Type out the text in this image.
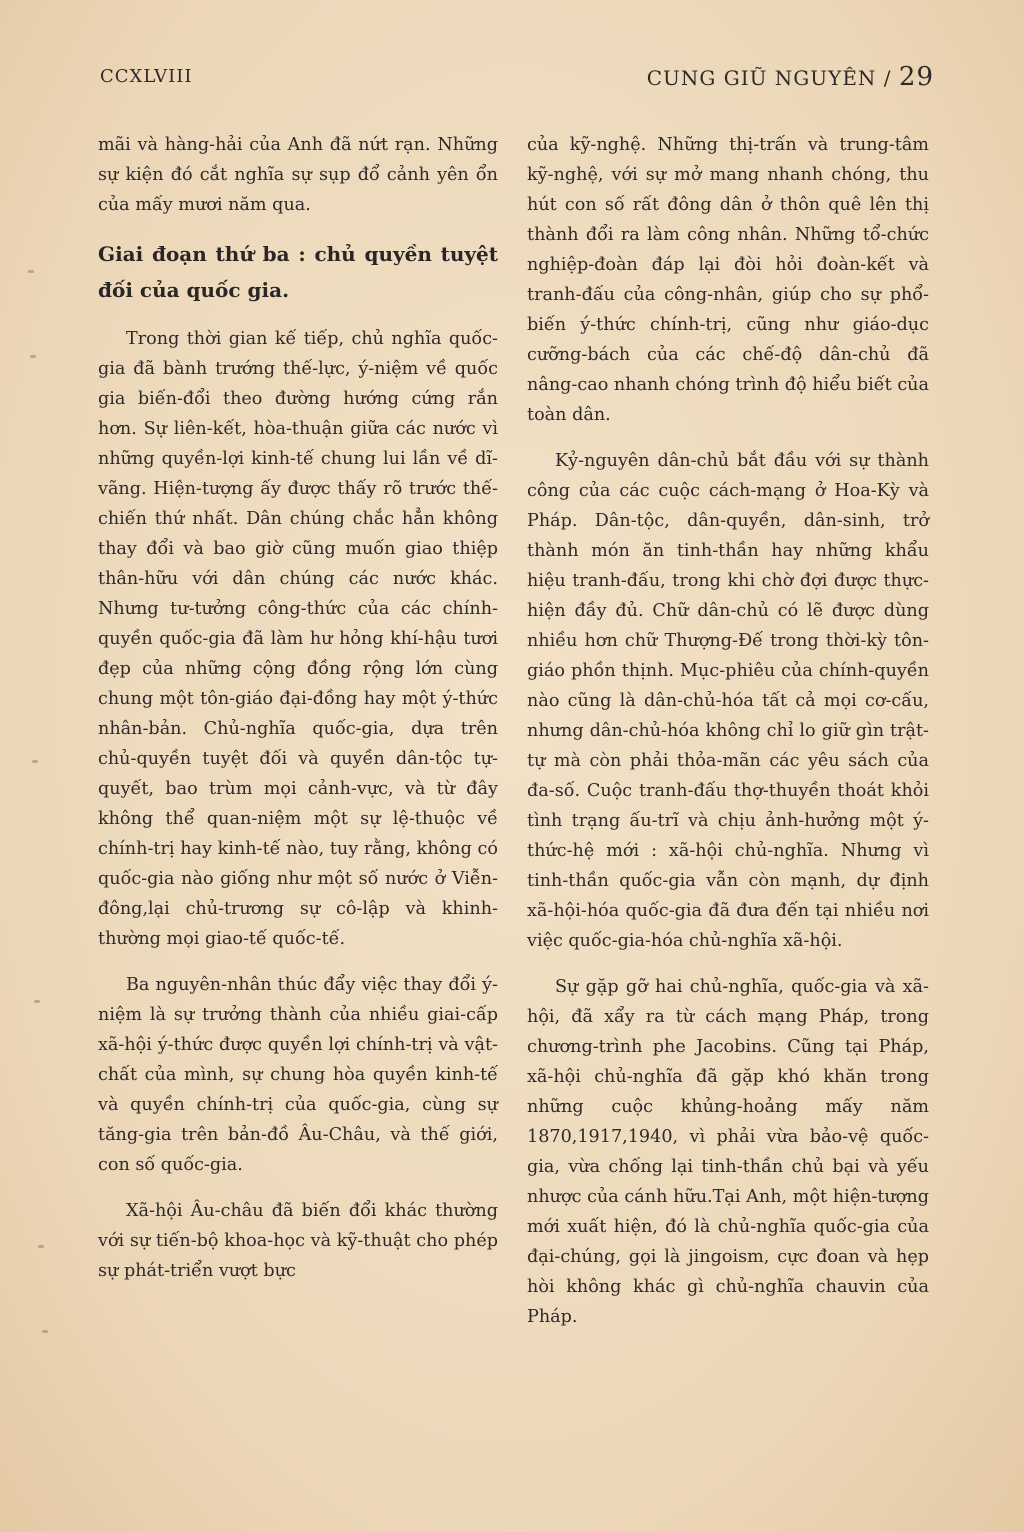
CCXLVIII	CUNG GIŨ NGUYÊN / 29

mãi và hàng-hải của Anh đã nứt rạn. Những sự kiện đó cắt nghĩa sự sụp đổ cảnh yên ổn của mấy mươi năm qua.

Giai đoạn thứ ba : chủ quyền tuyệt đối của quốc gia.

Trong thời gian kế tiếp, chủ nghĩa quốc-gia đã bành trướng thế-lực, ý-niệm về quốc gia biến-đổi theo đường hướng cứng rắn hơn. Sự liên-kết, hòa-thuận giữa các nước vì những quyền-lợi kinh-tế chung lui lần về dĩ-vãng. Hiện-tượng ấy được thấy rõ trước thế-chiến thứ nhất. Dân chúng chắc hẳn không thay đổi và bao giờ cũng muốn giao thiệp thân-hữu với dân chúng các nước khác. Nhưng tư-tưởng công-thức của các chính-quyền quốc-gia đã làm hư hỏng khí-hậu tươi đẹp của những cộng đồng rộng lớn cùng chung một tôn-giáo đại-đồng hay một ý-thức nhân-bản. Chủ-nghĩa quốc-gia, dựa trên chủ-quyền tuyệt đối và quyền dân-tộc tự-quyết, bao trùm mọi cảnh-vực, và từ đây không thể quan-niệm một sự lệ-thuộc về chính-trị hay kinh-tế nào, tuy rằng, không có quốc-gia nào giống như một số nước ở Viễn-đông,lại chủ-trương sự cô-lập và khinh-thường mọi giao-tế quốc-tế.

Ba nguyên-nhân thúc đẩy việc thay đổi ý-niệm là sự trưởng thành của nhiều giai-cấp xã-hội ý-thức được quyền lợi chính-trị và vật-chất của mình, sự chung hòa quyền kinh-tế và quyền chính-trị của quốc-gia, cùng sự tăng-gia trên bản-đồ Âu-Châu, và thế giới, con số quốc-gia.

Xã-hội Âu-châu đã biến đổi khác thường với sự tiến-bộ khoa-học và kỹ-thuật cho phép sự phát-triển vượt bực

của kỹ-nghệ. Những thị-trấn và trung-tâm kỹ-nghệ, với sự mở mang nhanh chóng, thu hút con số rất đông dân ở thôn quê lên thị thành đổi ra làm công nhân. Những tổ-chức nghiệp-đoàn đáp lại đòi hỏi đoàn-kết và tranh-đấu của công-nhân, giúp cho sự phổ-biến ý-thức chính-trị, cũng như giáo-dục cưỡng-bách của các chế-độ dân-chủ đã nâng-cao nhanh chóng trình độ hiểu biết của toàn dân.

Kỷ-nguyên dân-chủ bắt đầu với sự thành công của các cuộc cách-mạng ở Hoa-Kỳ và Pháp. Dân-tộc, dân-quyền, dân-sinh, trở thành món ăn tinh-thần hay những khẩu hiệu tranh-đấu, trong khi chờ đợi được thực-hiện đầy đủ. Chữ dân-chủ có lẽ được dùng nhiều hơn chữ Thượng-Đế trong thời-kỳ tôn-giáo phồn thịnh. Mục-phiêu của chính-quyền nào cũng là dân-chủ-hóa tất cả mọi cơ-cấu, nhưng dân-chủ-hóa không chỉ lo giữ gìn trật-tự mà còn phải thỏa-mãn các yêu sách của đa-số. Cuộc tranh-đấu thợ-thuyền thoát khỏi tình trạng ấu-trĩ và chịu ảnh-hưởng một ý-thức-hệ mới : xã-hội chủ-nghĩa. Nhưng vì tinh-thần quốc-gia vẫn còn mạnh, dự định xã-hội-hóa quốc-gia đã đưa đến tại nhiều nơi việc quốc-gia-hóa chủ-nghĩa xã-hội.

Sự gặp gỡ hai chủ-nghĩa, quốc-gia và xã-hội, đã xẩy ra từ cách mạng Pháp, trong chương-trình phe Jacobins. Cũng tại Pháp, xã-hội chủ-nghĩa đã gặp khó khăn trong những cuộc khủng-hoảng mấy năm 1870,1917,1940, vì phải vừa bảo-vệ quốc-gia, vừa chống lại tinh-thần chủ bại và yếu nhược của cánh hữu.Tại Anh, một hiện-tượng mới xuất hiện, đó là chủ-nghĩa quốc-gia của đại-chúng, gọi là jingoism, cực đoan và hẹp hòi không khác gì chủ-nghĩa chauvin của Pháp.
